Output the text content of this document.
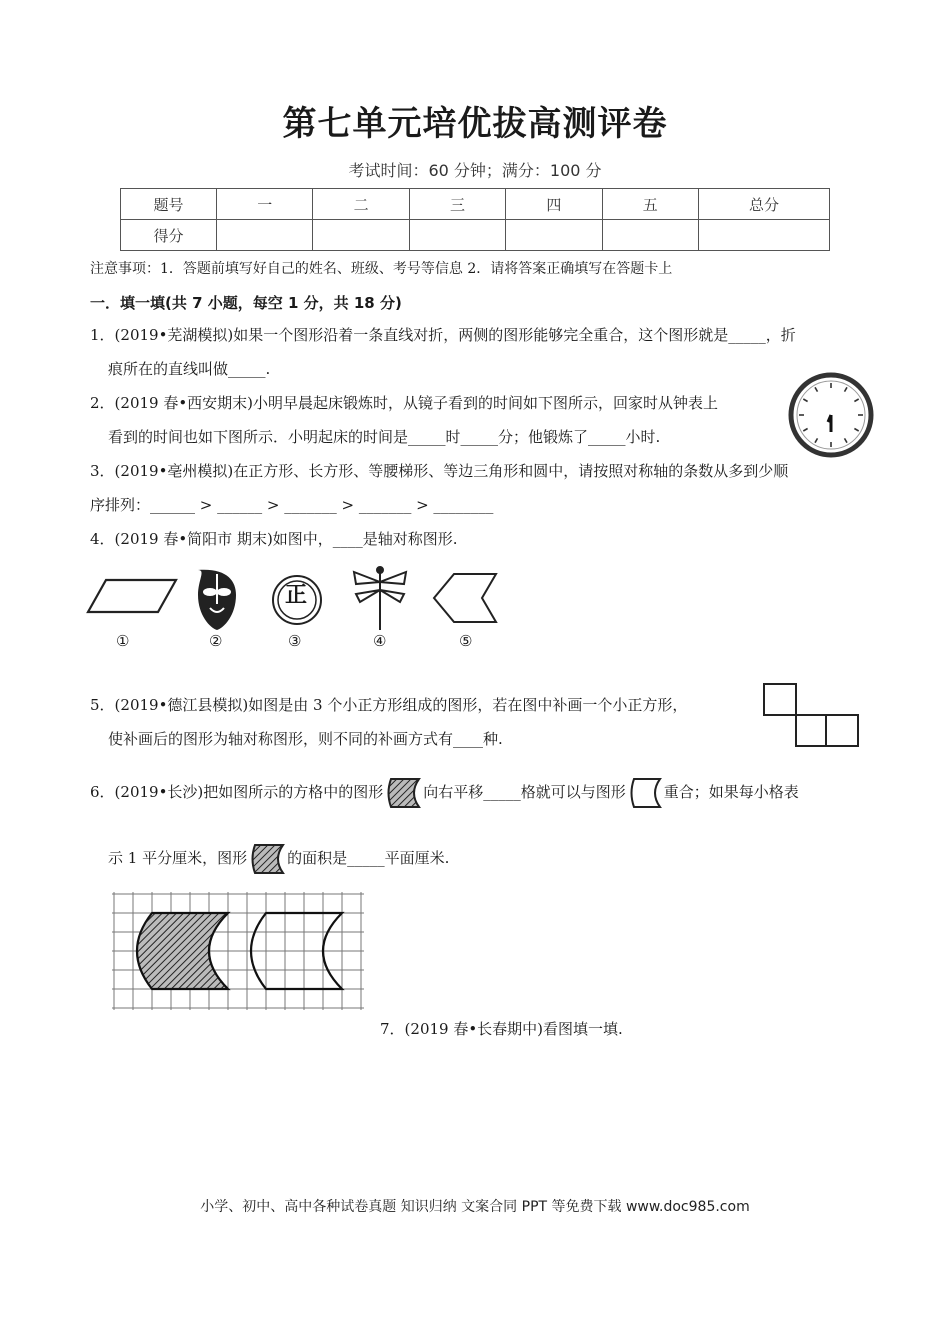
第七单元培优拔高测评卷
考试时间：60 分钟；满分：100 分
题号	一	二	三	四	五	总分
得分						
注意事项：1．答题前填写好自己的姓名、班级、考号等信息 2．请将答案正确填写在答题卡上
一．填一填(共 7 小题，每空 1 分，共 18 分)
1．(2019•芜湖模拟)如果一个图形沿着一条直线对折，两侧的图形能够完全重合，这个图形就是_____，折
痕所在的直线叫做_____.
2．(2019 春•西安期末)小明早晨起床锻炼时，从镜子看到的时间如下图所示，回家时从钟表上
看到的时间也如下图所示．小明起床的时间是_____时_____分；他锻炼了_____小时.
3．(2019•亳州模拟)在正方形、长方形、等腰梯形、等边三角形和圆中，请按照对称轴的条数从多到少顺
序排列：______ > ______ > _______ > _______ > ________
4．(2019 春•简阳市 期末)如图中，____是轴对称图形.
正
①	②	③	④	⑤
5．(2019•德江县模拟)如图是由 3 个小正方形组成的图形，若在图中补画一个小正方形，
使补画后的图形为轴对称图形，则不同的补画方式有____种.
6．(2019•长沙)把如图所示的方格中的图形	向右平移_____格就可以与图形	重合；如果每小格表
示 1 平分厘米，图形	的面积是_____平面厘米.
7．(2019 春•长春期中)看图填一填.
小学、初中、高中各种试卷真题 知识归纳 文案合同 PPT 等免费下载 www.doc985.com
